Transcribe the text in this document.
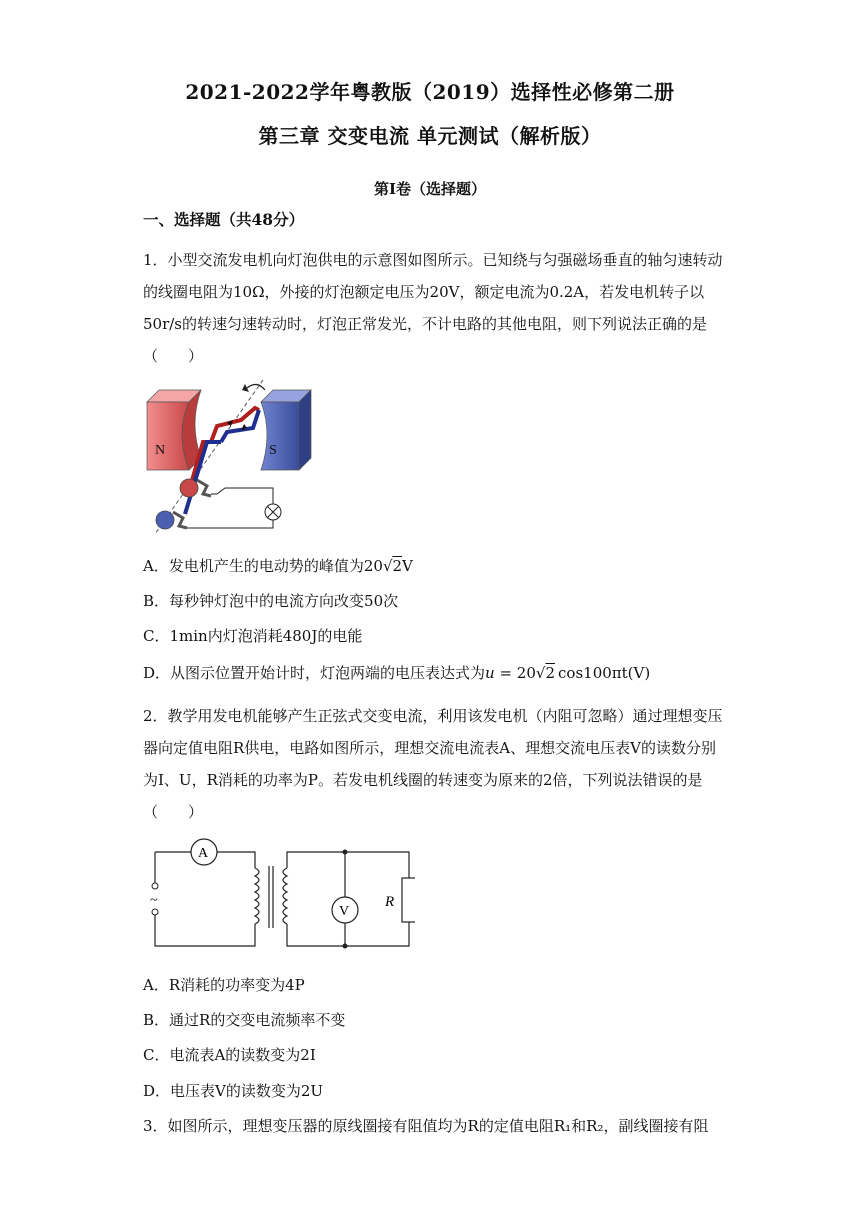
2021-2022学年粤教版（2019）选择性必修第二册
第三章 交变电流 单元测试（解析版）
第Ⅰ卷（选择题）
一、选择题（共48分）
1．小型交流发电机向灯泡供电的示意图如图所示。已知绕与匀强磁场垂直的轴匀速转动的线圈电阻为10Ω，外接的灯泡额定电压为20V，额定电流为0.2A，若发电机转子以50r/s的转速匀速转动时，灯泡正常发光，不计电路的其他电阻，则下列说法正确的是（　　）
N	S
A．发电机产生的电动势的峰值为20√2V
B．每秒钟灯泡中的电流方向改变50次
C．1min内灯泡消耗480J的电能
D．从图示位置开始计时，灯泡两端的电压表达式为u = 20√2 cos100πt(V)
2．教学用发电机能够产生正弦式交变电流，利用该发电机（内阻可忽略）通过理想变压器向定值电阻R供电，电路如图所示，理想交流电流表A、理想交流电压表V的读数分别为I、U，R消耗的功率为P。若发电机线圈的转速变为原来的2倍，下列说法错误的是（　　）
~
A
V
R
A．R消耗的功率变为4P
B．通过R的交变电流频率不变
C．电流表A的读数变为2I
D．电压表V的读数变为2U
3．如图所示，理想变压器的原线圈接有阻值均为R的定值电阻R₁和R₂，副线圈接有阻
